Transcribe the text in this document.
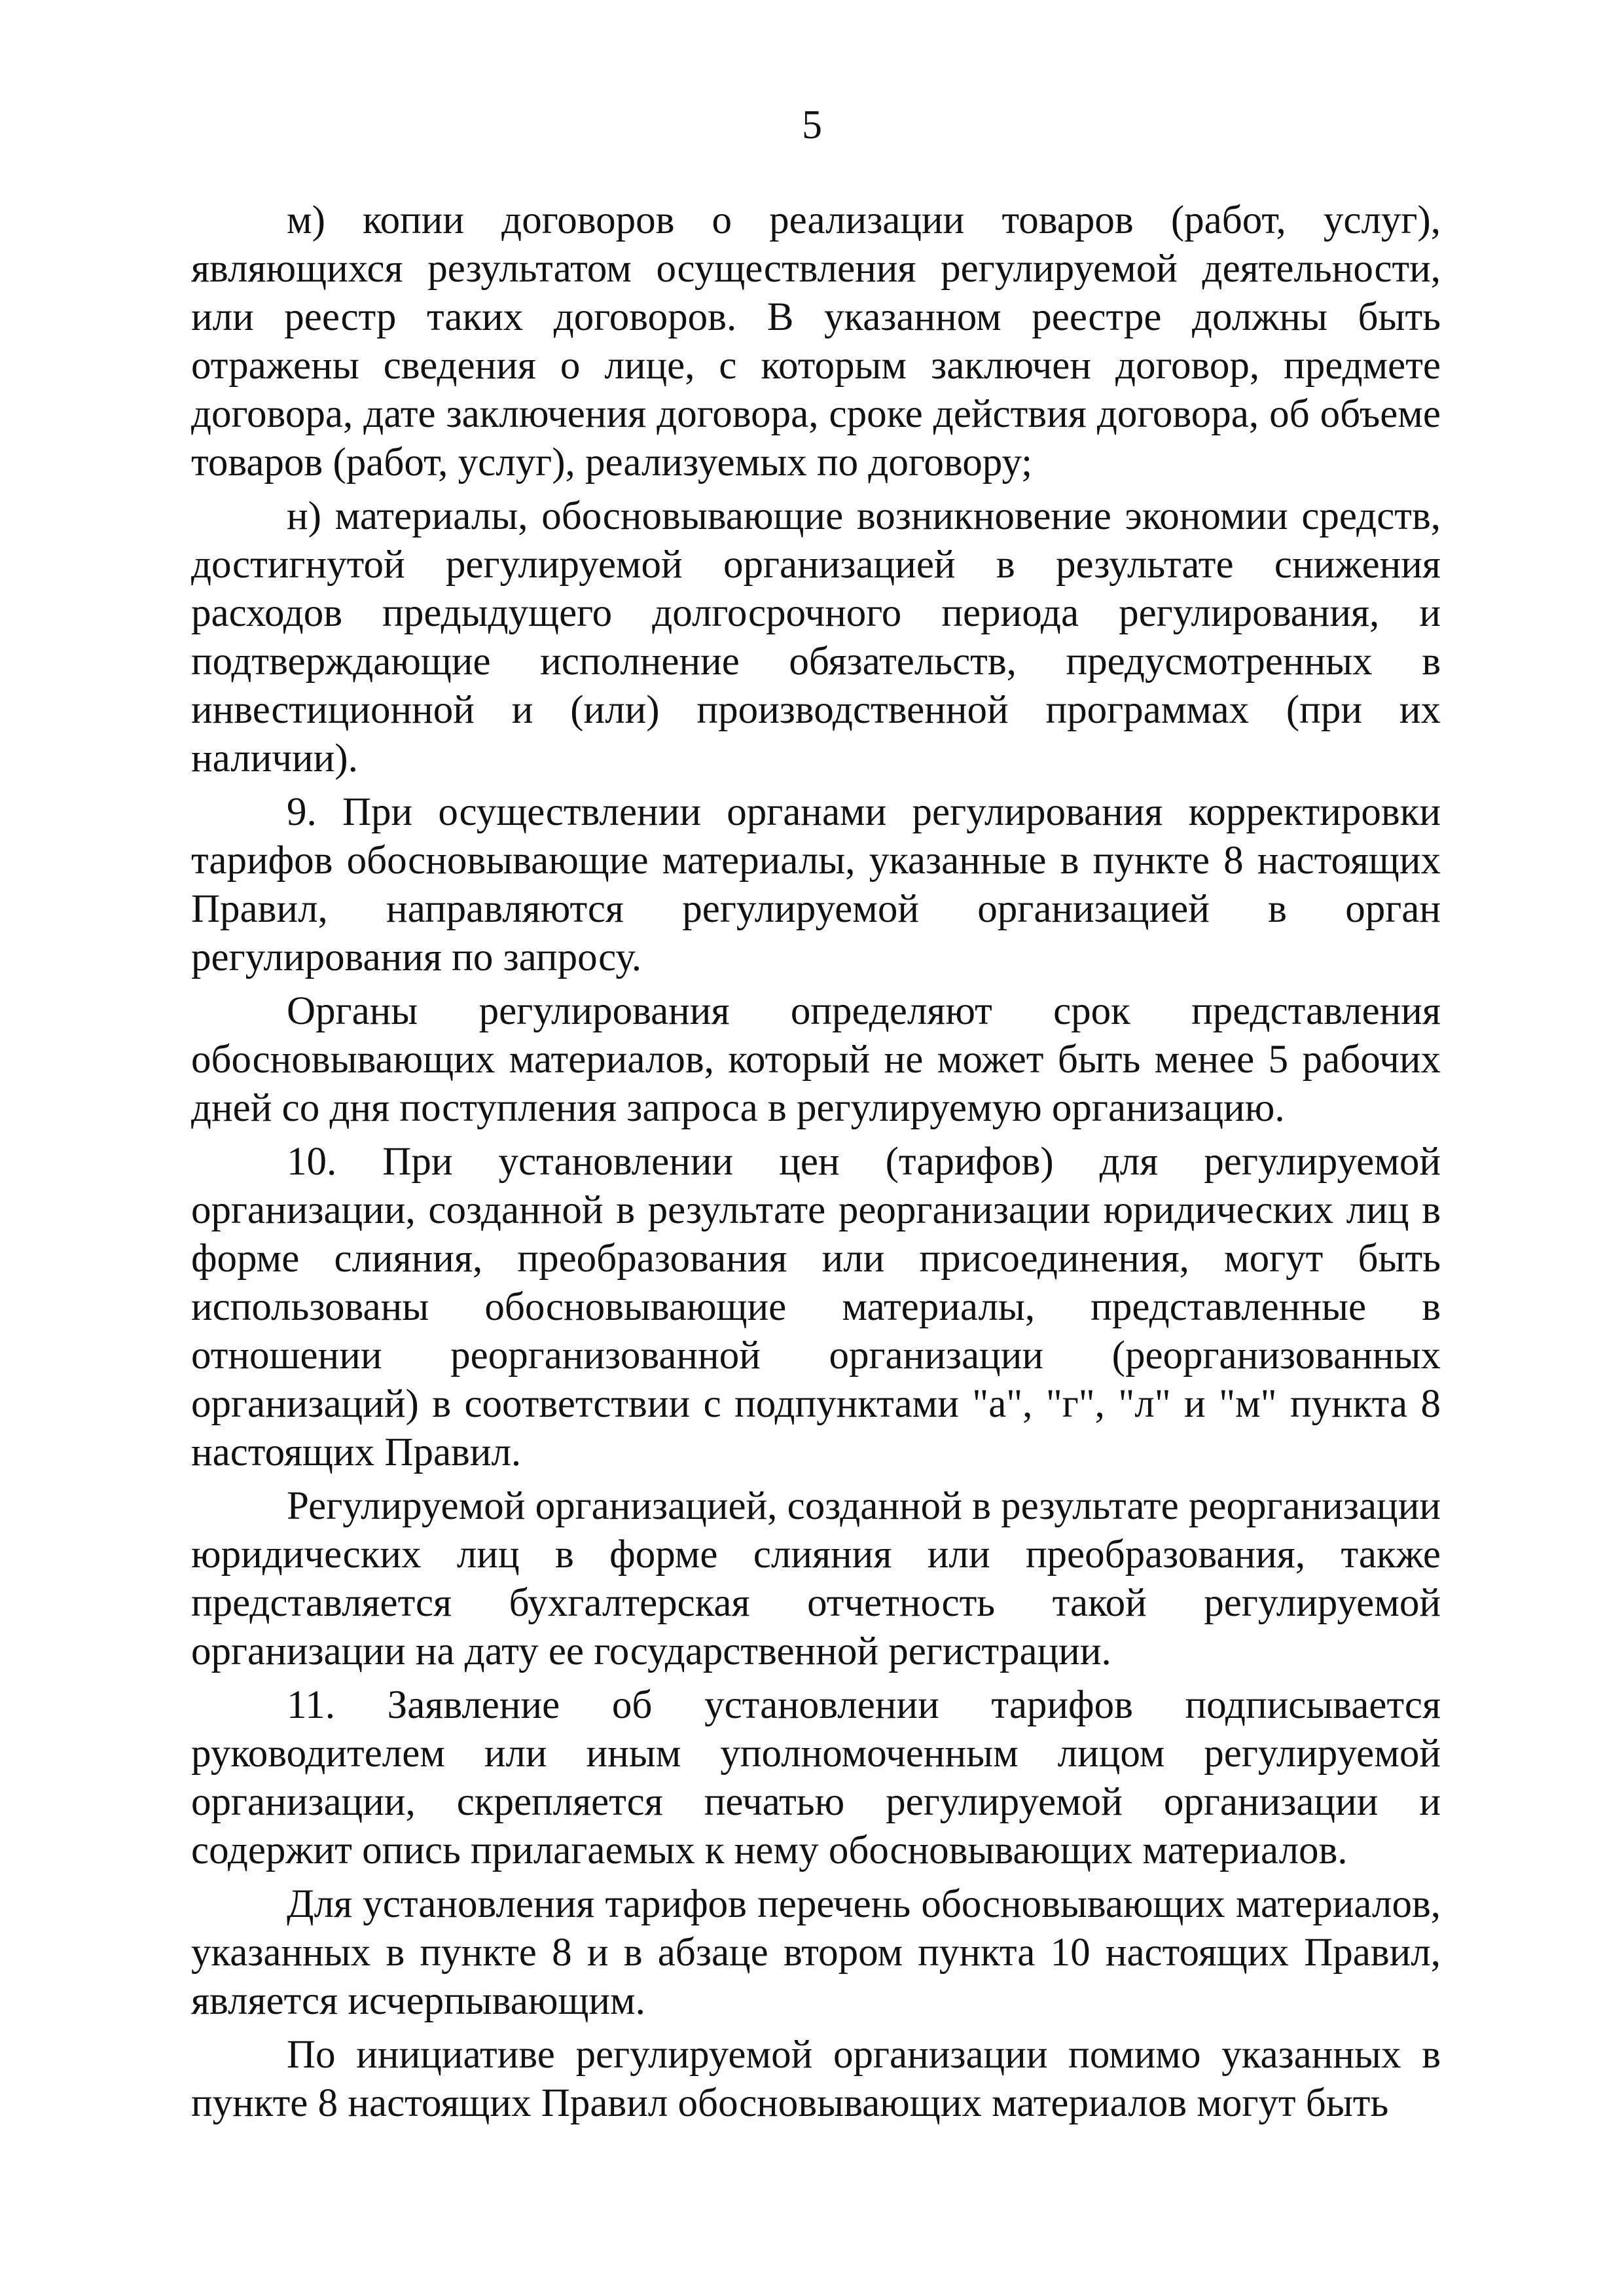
5

м) копии договоров о реализации товаров (работ, услуг), являющихся результатом осуществления регулируемой деятельности, или реестр таких договоров. В указанном реестре должны быть отражены сведения о лице, с которым заключен договор, предмете договора, дате заключения договора, сроке действия договора, об объеме товаров (работ, услуг), реализуемых по договору;

н) материалы, обосновывающие возникновение экономии средств, достигнутой регулируемой организацией в результате снижения расходов предыдущего долгосрочного периода регулирования, и подтверждающие исполнение обязательств, предусмотренных в инвестиционной и (или) производственной программах (при их наличии).

9. При осуществлении органами регулирования корректировки тарифов обосновывающие материалы, указанные в пункте 8 настоящих Правил, направляются регулируемой организацией в орган регулирования по запросу.

Органы регулирования определяют срок представления обосновывающих материалов, который не может быть менее 5 рабочих дней со дня поступления запроса в регулируемую организацию.

10. При установлении цен (тарифов) для регулируемой организации, созданной в результате реорганизации юридических лиц в форме слияния, преобразования или присоединения, могут быть использованы обосновывающие материалы, представленные в отношении реорганизованной организации (реорганизованных организаций) в соответствии с подпунктами "а", "г", "л" и "м" пункта 8 настоящих Правил.

Регулируемой организацией, созданной в результате реорганизации юридических лиц в форме слияния или преобразования, также представляется бухгалтерская отчетность такой регулируемой организации на дату ее государственной регистрации.

11. Заявление об установлении тарифов подписывается руководителем или иным уполномоченным лицом регулируемой организации, скрепляется печатью регулируемой организации и содержит опись прилагаемых к нему обосновывающих материалов.

Для установления тарифов перечень обосновывающих материалов, указанных в пункте 8 и в абзаце втором пункта 10 настоящих Правил, является исчерпывающим.

По инициативе регулируемой организации помимо указанных в пункте 8 настоящих Правил обосновывающих материалов могут быть
